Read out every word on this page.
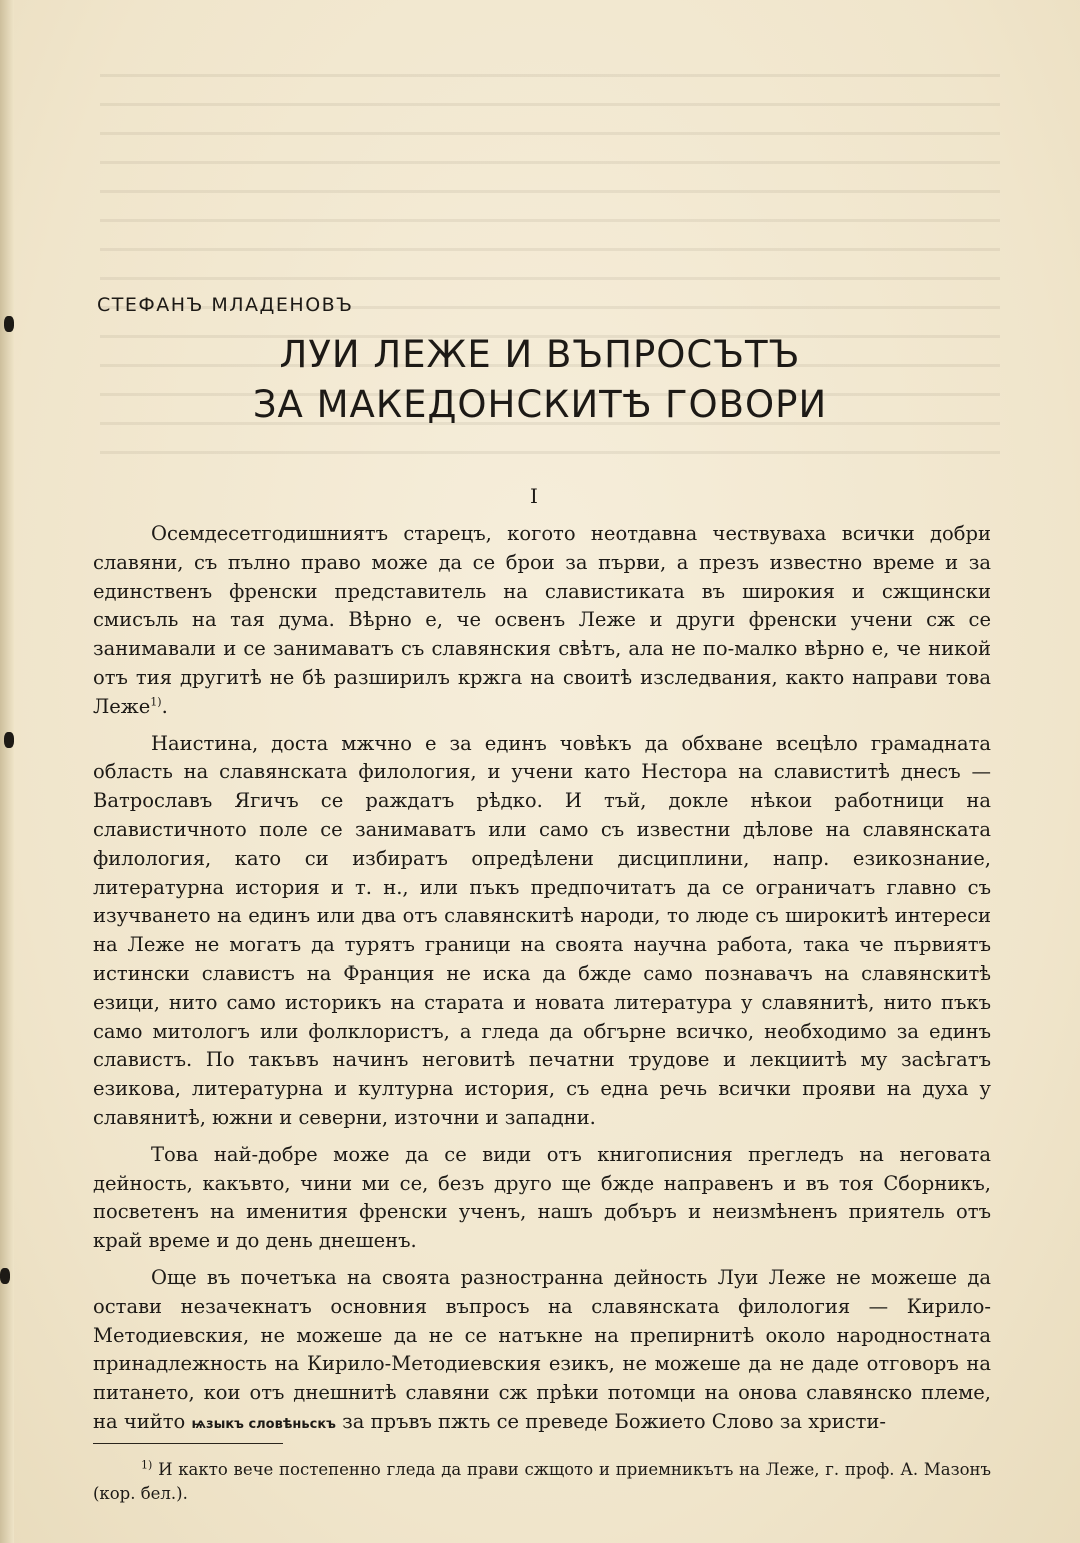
СТЕФАНЪ МЛАДЕНОВЪ

ЛУИ ЛЕЖЕ И ВЪПРОСЪТЪ
ЗА МАКЕДОНСКИТѢ ГОВОРИ

I

Осемдесетгодишниятъ старецъ, когото неотдавна чествуваха всички добри славяни, съ пълно право може да се брои за първи, а презъ известно време и за единственъ френски представитель на славистиката въ широкия и сжщински смисъль на тая дума. Вѣрно е, че освенъ Леже и други френски учени сж се занимавали и се занимаватъ съ славянския свѣтъ, ала не по-малко вѣрно е, че никой отъ тия другитѣ не бѣ разширилъ кржга на своитѣ изследвания, както направи това Леже$^{1)}$.

Наистина, доста мжчно е за единъ човѣкъ да обхване всецѣло грамадната область на славянската филология, и учени като Нестора на славиститѣ днесъ — Ватрославъ Ягичъ се раждатъ рѣдко. И тъй, докле нѣкои работници на славистичното поле се занимаватъ или само съ известни дѣлове на славянската филология, като си избиратъ опредѣлени дисциплини, напр. езикознание, литературна история и т. н., или пъкъ предпочитатъ да се ограничатъ главно съ изучването на единъ или два отъ славянскитѣ народи, то люде съ широкитѣ интереси на Леже не могатъ да турятъ граници на своята научна работа, така че първиятъ истински славистъ на Франция не иска да бжде само познавачъ на славянскитѣ езици, нито само историкъ на старата и новата литература у славянитѣ, нито пъкъ само митологъ или фолклористъ, а гледа да обгърне всичко, необходимо за единъ славистъ. По такъвъ начинъ неговитѣ печатни трудове и лекциитѣ му засѣгатъ езикова, литературна и културна история, съ една речь всички прояви на духа у славянитѣ, южни и северни, източни и западни.

Това най-добре може да се види отъ книгописния прегледъ на неговата дейность, какъвто, чини ми се, безъ друго ще бжде направенъ и въ тоя Сборникъ, посветенъ на именития френски ученъ, нашъ добъръ и неизмѣненъ приятель отъ край време и до день днешенъ.

Още въ почетъка на своята разностранна дейность Луи Леже не можеше да остави незачекнатъ основния въпросъ на славянската филология — Кирило-Методиевския, не можеше да не се натъкне на препирнитѣ около народностната принадлежность на Кирило-Методиевския езикъ, не можеше да не даде отговоръ на питането, кои отъ днешнитѣ славяни сж прѣки потомци на онова славянско племе, на чийто ѩзыкъ словѣньскъ за пръвъ пжть се преведе Божието Слово за христи-

$^{1)}$ И както вече постепенно гледа да прави сжщото и приемникътъ на Леже, г. проф. А. Мазонъ (кор. бел.).
